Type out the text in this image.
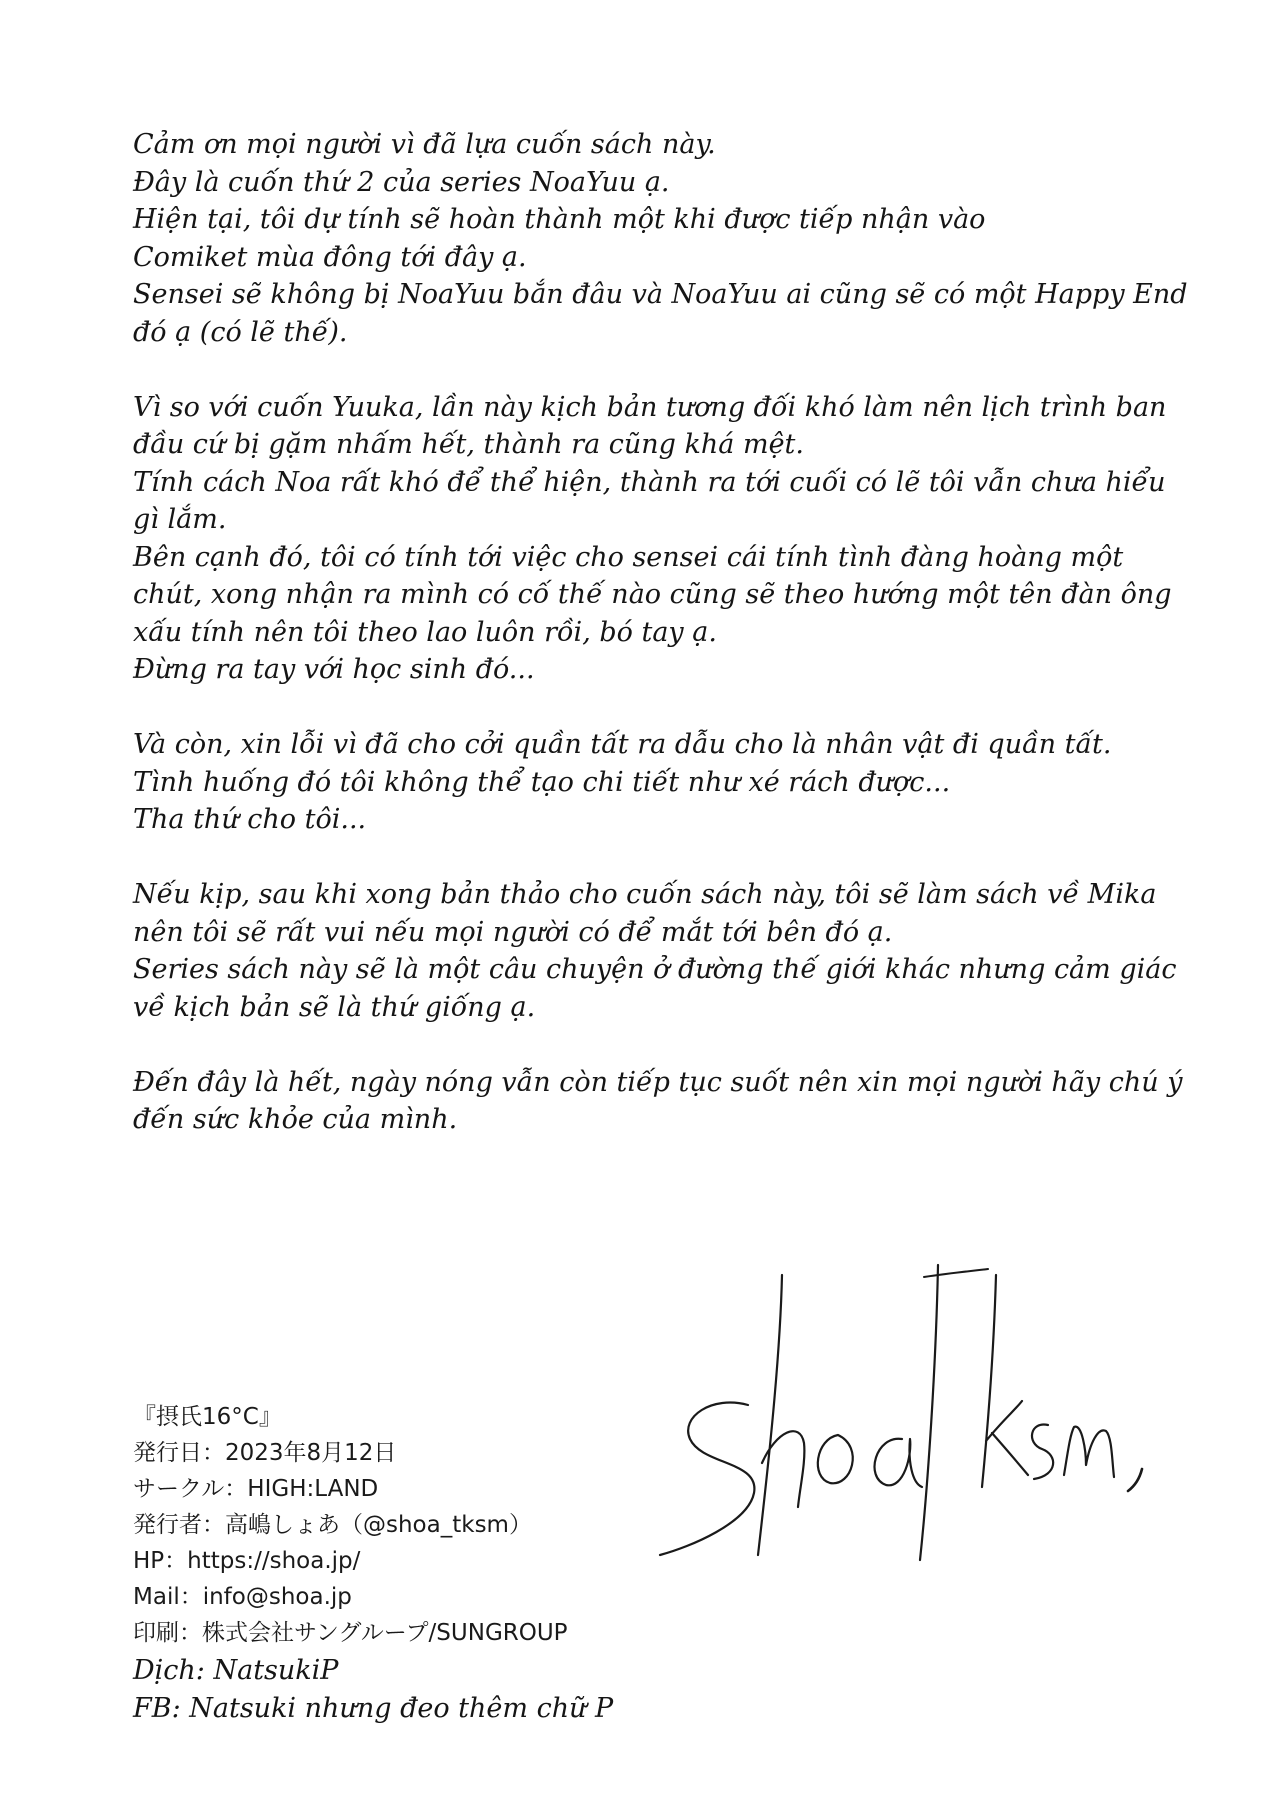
Cảm ơn mọi người vì đã lựa cuốn sách này.
Đây là cuốn thứ 2 của series NoaYuu ạ.
Hiện tại, tôi dự tính sẽ hoàn thành một khi được tiếp nhận vào
Comiket mùa đông tới đây ạ.
Sensei sẽ không bị NoaYuu bắn đâu và NoaYuu ai cũng sẽ có một Happy End
đó ạ (có lẽ thế).

Vì so với cuốn Yuuka, lần này kịch bản tương đối khó làm nên lịch trình ban
đầu cứ bị gặm nhấm hết, thành ra cũng khá mệt.
Tính cách Noa rất khó để thể hiện, thành ra tới cuối có lẽ tôi vẫn chưa hiểu
gì lắm.
Bên cạnh đó, tôi có tính tới việc cho sensei cái tính tình đàng hoàng một
chút, xong nhận ra mình có cố thế nào cũng sẽ theo hướng một tên đàn ông
xấu tính nên tôi theo lao luôn rồi, bó tay ạ.
Đừng ra tay với học sinh đó...

Và còn, xin lỗi vì đã cho cởi quần tất ra dẫu cho là nhân vật đi quần tất.
Tình huống đó tôi không thể tạo chi tiết như xé rách được...
Tha thứ cho tôi...

Nếu kịp, sau khi xong bản thảo cho cuốn sách này, tôi sẽ làm sách về Mika
nên tôi sẽ rất vui nếu mọi người có để mắt tới bên đó ạ.
Series sách này sẽ là một câu chuyện ở đường thế giới khác nhưng cảm giác
về kịch bản sẽ là thứ giống ạ.

Đến đây là hết, ngày nóng vẫn còn tiếp tục suốt nên xin mọi người hãy chú ý
đến sức khỏe của mình.

『摂氏16°C』
発行日：2023年8月12日
サークル：HIGH:LAND
発行者：高嶋しょあ（@shoa_tksm）
HP：https://shoa.jp/
Mail：info@shoa.jp
印刷：株式会社サングループ/SUNGROUP
Dịch: NatsukiP
FB: Natsuki nhưng đeo thêm chữ P
